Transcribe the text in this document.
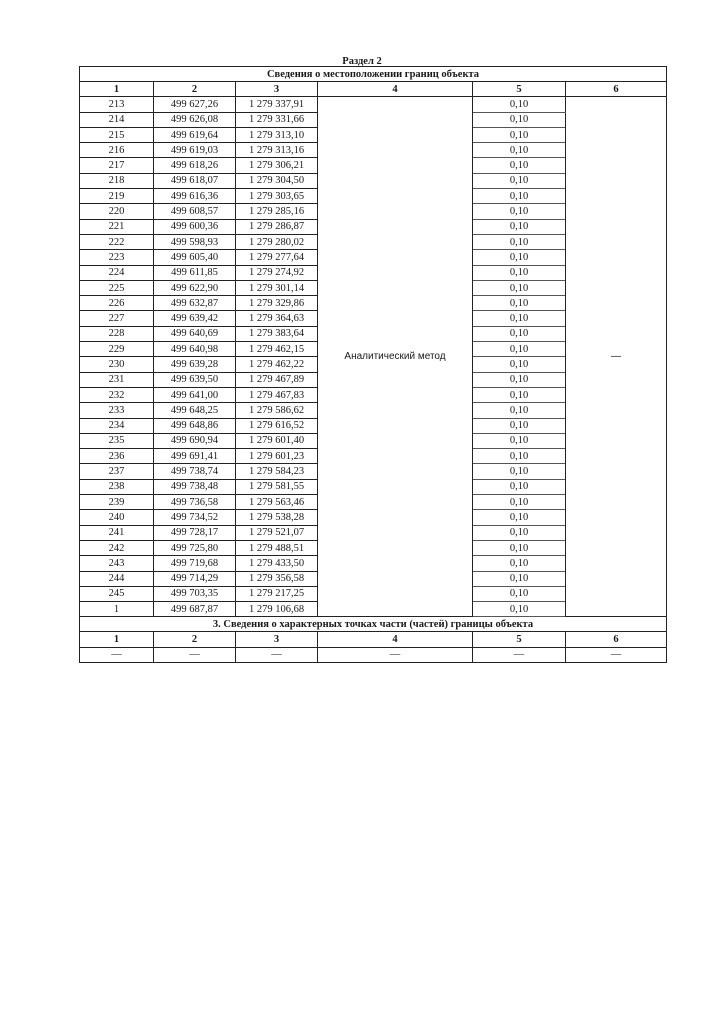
Раздел 2
Сведения о местоположении границ объекта					
1	2	3	4	5	6
213	499 627,26	1 279 337,91	Аналитический метод	0,10	—
214	499 626,08	1 279 331,66		0,10	
215	499 619,64	1 279 313,10		0,10	
216	499 619,03	1 279 313,16		0,10	
217	499 618,26	1 279 306,21		0,10	
218	499 618,07	1 279 304,50		0,10	
219	499 616,36	1 279 303,65		0,10	
220	499 608,57	1 279 285,16		0,10	
221	499 600,36	1 279 286,87		0,10	
222	499 598,93	1 279 280,02		0,10	
223	499 605,40	1 279 277,64		0,10	
224	499 611,85	1 279 274,92		0,10	
225	499 622,90	1 279 301,14		0,10	
226	499 632,87	1 279 329,86		0,10	
227	499 639,42	1 279 364,63		0,10	
228	499 640,69	1 279 383,64		0,10	
229	499 640,98	1 279 462,15		0,10	
230	499 639,28	1 279 462,22		0,10	
231	499 639,50	1 279 467,89		0,10	
232	499 641,00	1 279 467,83		0,10	
233	499 648,25	1 279 586,62		0,10	
234	499 648,86	1 279 616,52		0,10	
235	499 690,94	1 279 601,40		0,10	
236	499 691,41	1 279 601,23		0,10	
237	499 738,74	1 279 584,23		0,10	
238	499 738,48	1 279 581,55		0,10	
239	499 736,58	1 279 563,46		0,10	
240	499 734,52	1 279 538,28		0,10	
241	499 728,17	1 279 521,07		0,10	
242	499 725,80	1 279 488,51		0,10	
243	499 719,68	1 279 433,50		0,10	
244	499 714,29	1 279 356,58		0,10	
245	499 703,35	1 279 217,25		0,10	
1	499 687,87	1 279 106,68		0,10	
3. Сведения о характерных точках части (частей) границы объекта					
1	2	3	4	5	6
—	—	—	—	—	—
